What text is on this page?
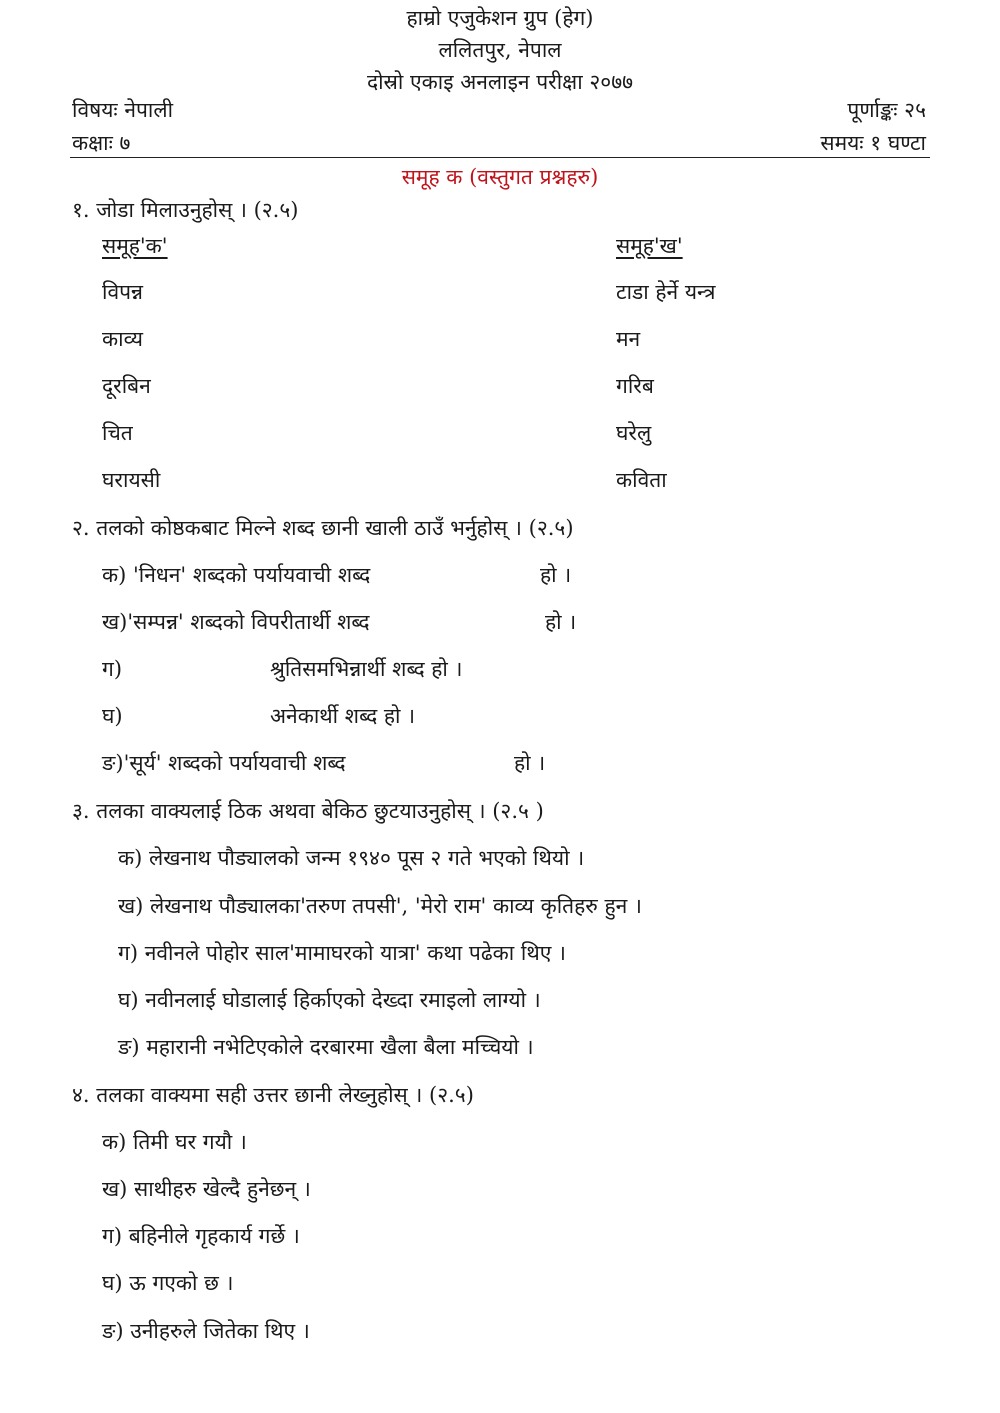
हाम्रो एजुकेशन ग्रुप (हेग)
ललितपुर, नेपाल
दोस्रो एकाइ अनलाइन परीक्षा २०७७
विषयः नेपाली	पूर्णाङ्कः २५
कक्षाः ७	समयः १ घण्टा
समूह क (वस्तुगत प्रश्नहरु)
१. जोडा मिलाउनुहोस् । (२.५)
समूह'क'	समूह'ख'
विपन्न	टाडा हेर्ने यन्त्र
काव्य	मन
दूरबिन	गरिब
चित	घरेलु
घरायसी	कविता
२. तलको कोष्ठकबाट मिल्ने शब्द छानी खाली ठाउँ भर्नुहोस् । (२.५)
क) 'निधन' शब्दको पर्यायवाची शब्द	हो ।
ख)'सम्पन्न' शब्दको विपरीतार्थी शब्द	हो ।
ग)	श्रुतिसमभिन्नार्थी शब्द हो ।
घ)	अनेकार्थी शब्द हो ।
ङ)'सूर्य' शब्दको पर्यायवाची शब्द	हो ।
३. तलका वाक्यलाई ठिक अथवा बेकिठ छुटयाउनुहोस् । (२.५ )
क) लेखनाथ पौड्यालको जन्म १९४० पूस २ गते भएको थियो ।
ख) लेखनाथ पौड्यालका'तरुण तपसी', 'मेरो राम' काव्य कृतिहरु हुन ।
ग) नवीनले पोहोर साल'मामाघरको यात्रा' कथा पढेका थिए ।
घ) नवीनलाई घोडालाई हिर्काएको देख्दा रमाइलो लाग्यो ।
ङ) महारानी नभेटिएकोले दरबारमा खैला बैला मच्चियो ।
४. तलका वाक्यमा सही उत्तर छानी लेख्नुहोस् । (२.५)
क) तिमी घर गयौ ।
ख) साथीहरु खेल्दै हुनेछन् ।
ग) बहिनीले गृहकार्य गर्छे ।
घ) ऊ गएको छ ।
ङ) उनीहरुले जितेका थिए ।
